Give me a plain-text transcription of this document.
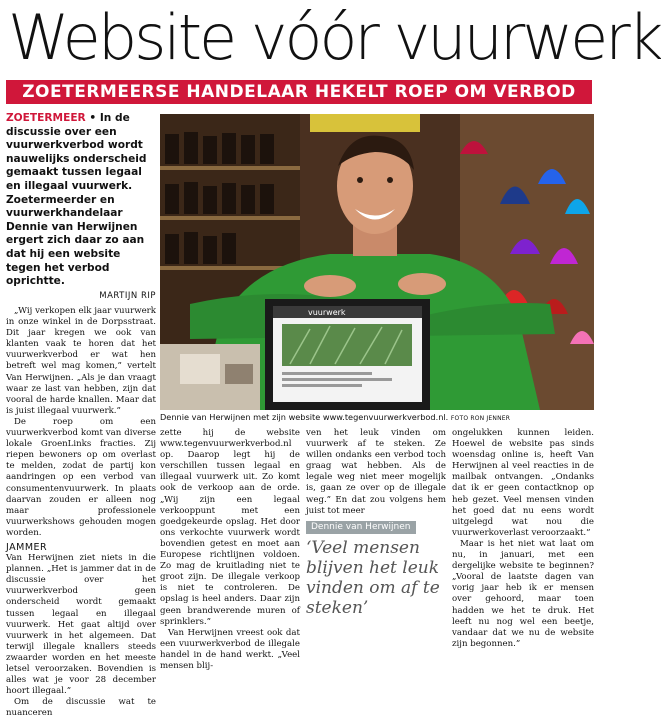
Website vóór vuurwerk
ZOETERMEERSE HANDELAAR HEKELT ROEP OM VERBOD
ZOETERMEER • In de discussie over een vuurwerkverbod wordt nauwelijks onderscheid gemaakt tussen legaal en illegaal vuurwerk. Zoetermeerder en vuurwerkhandelaar Dennie van Herwijnen ergert zich daar zo aan dat hij een website tegen het verbod oprichtte.
MARTIJN RIP

„Wij verkopen elk jaar vuurwerk in onze winkel in de Dorpsstraat. Dit jaar kregen we ook van klanten vaak te horen dat het vuurwerkverbod er wat hen betreft wel mag komen,” vertelt Van Herwijnen. „Als je dan vraagt waar ze last van hebben, zijn dat vooral de harde knallen. Maar dat is juist illegaal vuurwerk.”

De roep om een vuurwerkverbod komt van diverse lokale GroenLinks fracties. Zij riepen bewoners op om overlast te melden, zodat de partij kon aandringen op een verbod van consumentenvuurwerk. In plaats daarvan zouden er alleen nog maar professionele vuurwerkshows gehouden mogen worden.

JAMMER

Van Herwijnen ziet niets in die plannen. „Het is jammer dat in de discussie over het vuurwerkverbod geen onderscheid wordt gemaakt tussen legaal en illegaal vuurwerk. Het gaat altijd over vuurwerk in het algemeen. Dat terwijl illegale knallers steeds zwaarder worden en het meeste letsel veroorzaken. Bovendien is alles wat je voor 28 december hoort illegaal.”

Om de discussie wat te nuanceren

vuurwerk
Dennie van Herwijnen met zijn website www.tegenvuurwerkverbod.nl. FOTO RON JENNER

zette hij de website www.tegenvuurwerkverbod.nl op. Daarop legt hij de verschillen tussen legaal en illegaal vuurwerk uit. Zo komt ook de verkoop aan de orde. „Wij zijn een legaal verkooppunt met een goedgekeurde opslag. Het door ons verkochte vuurwerk wordt bovendien getest en moet aan Europese richtlijnen voldoen. Zo mag de kruitlading niet te groot zijn. De illegale verkoop is niet te controleren. De opslag is heel anders. Daar zijn geen brandwerende muren of sprinklers.”

Van Herwijnen vreest ook dat een vuurwerkverbod de illegale handel in de hand werkt. „Veel mensen blij-

ven het leuk vinden om vuurwerk af te steken. Ze willen ondanks een verbod toch graag wat hebben. Als de legale weg niet meer mogelijk is, gaan ze over op de illegale weg.” En dat zou volgens hem juist tot meer

Dennie van Herwijnen
‘Veel mensen blijven het leuk vinden om af te steken’

ongelukken kunnen leiden. Hoewel de website pas sinds woensdag online is, heeft Van Herwijnen al veel reacties in de mailbak ontvangen. „Ondanks dat ik er geen contactknop op heb gezet. Veel mensen vinden het goed dat nu eens wordt uitgelegd wat nou die vuurwerkoverlast veroorzaakt.”

Maar is het niet wat laat om nu, in januari, met een dergelijke website te beginnen? „Vooral de laatste dagen van vorig jaar heb ik er mensen over gehoord, maar toen hadden we het te druk. Het leeft nu nog wel een beetje, vandaar dat we nu de website zijn begonnen.”
